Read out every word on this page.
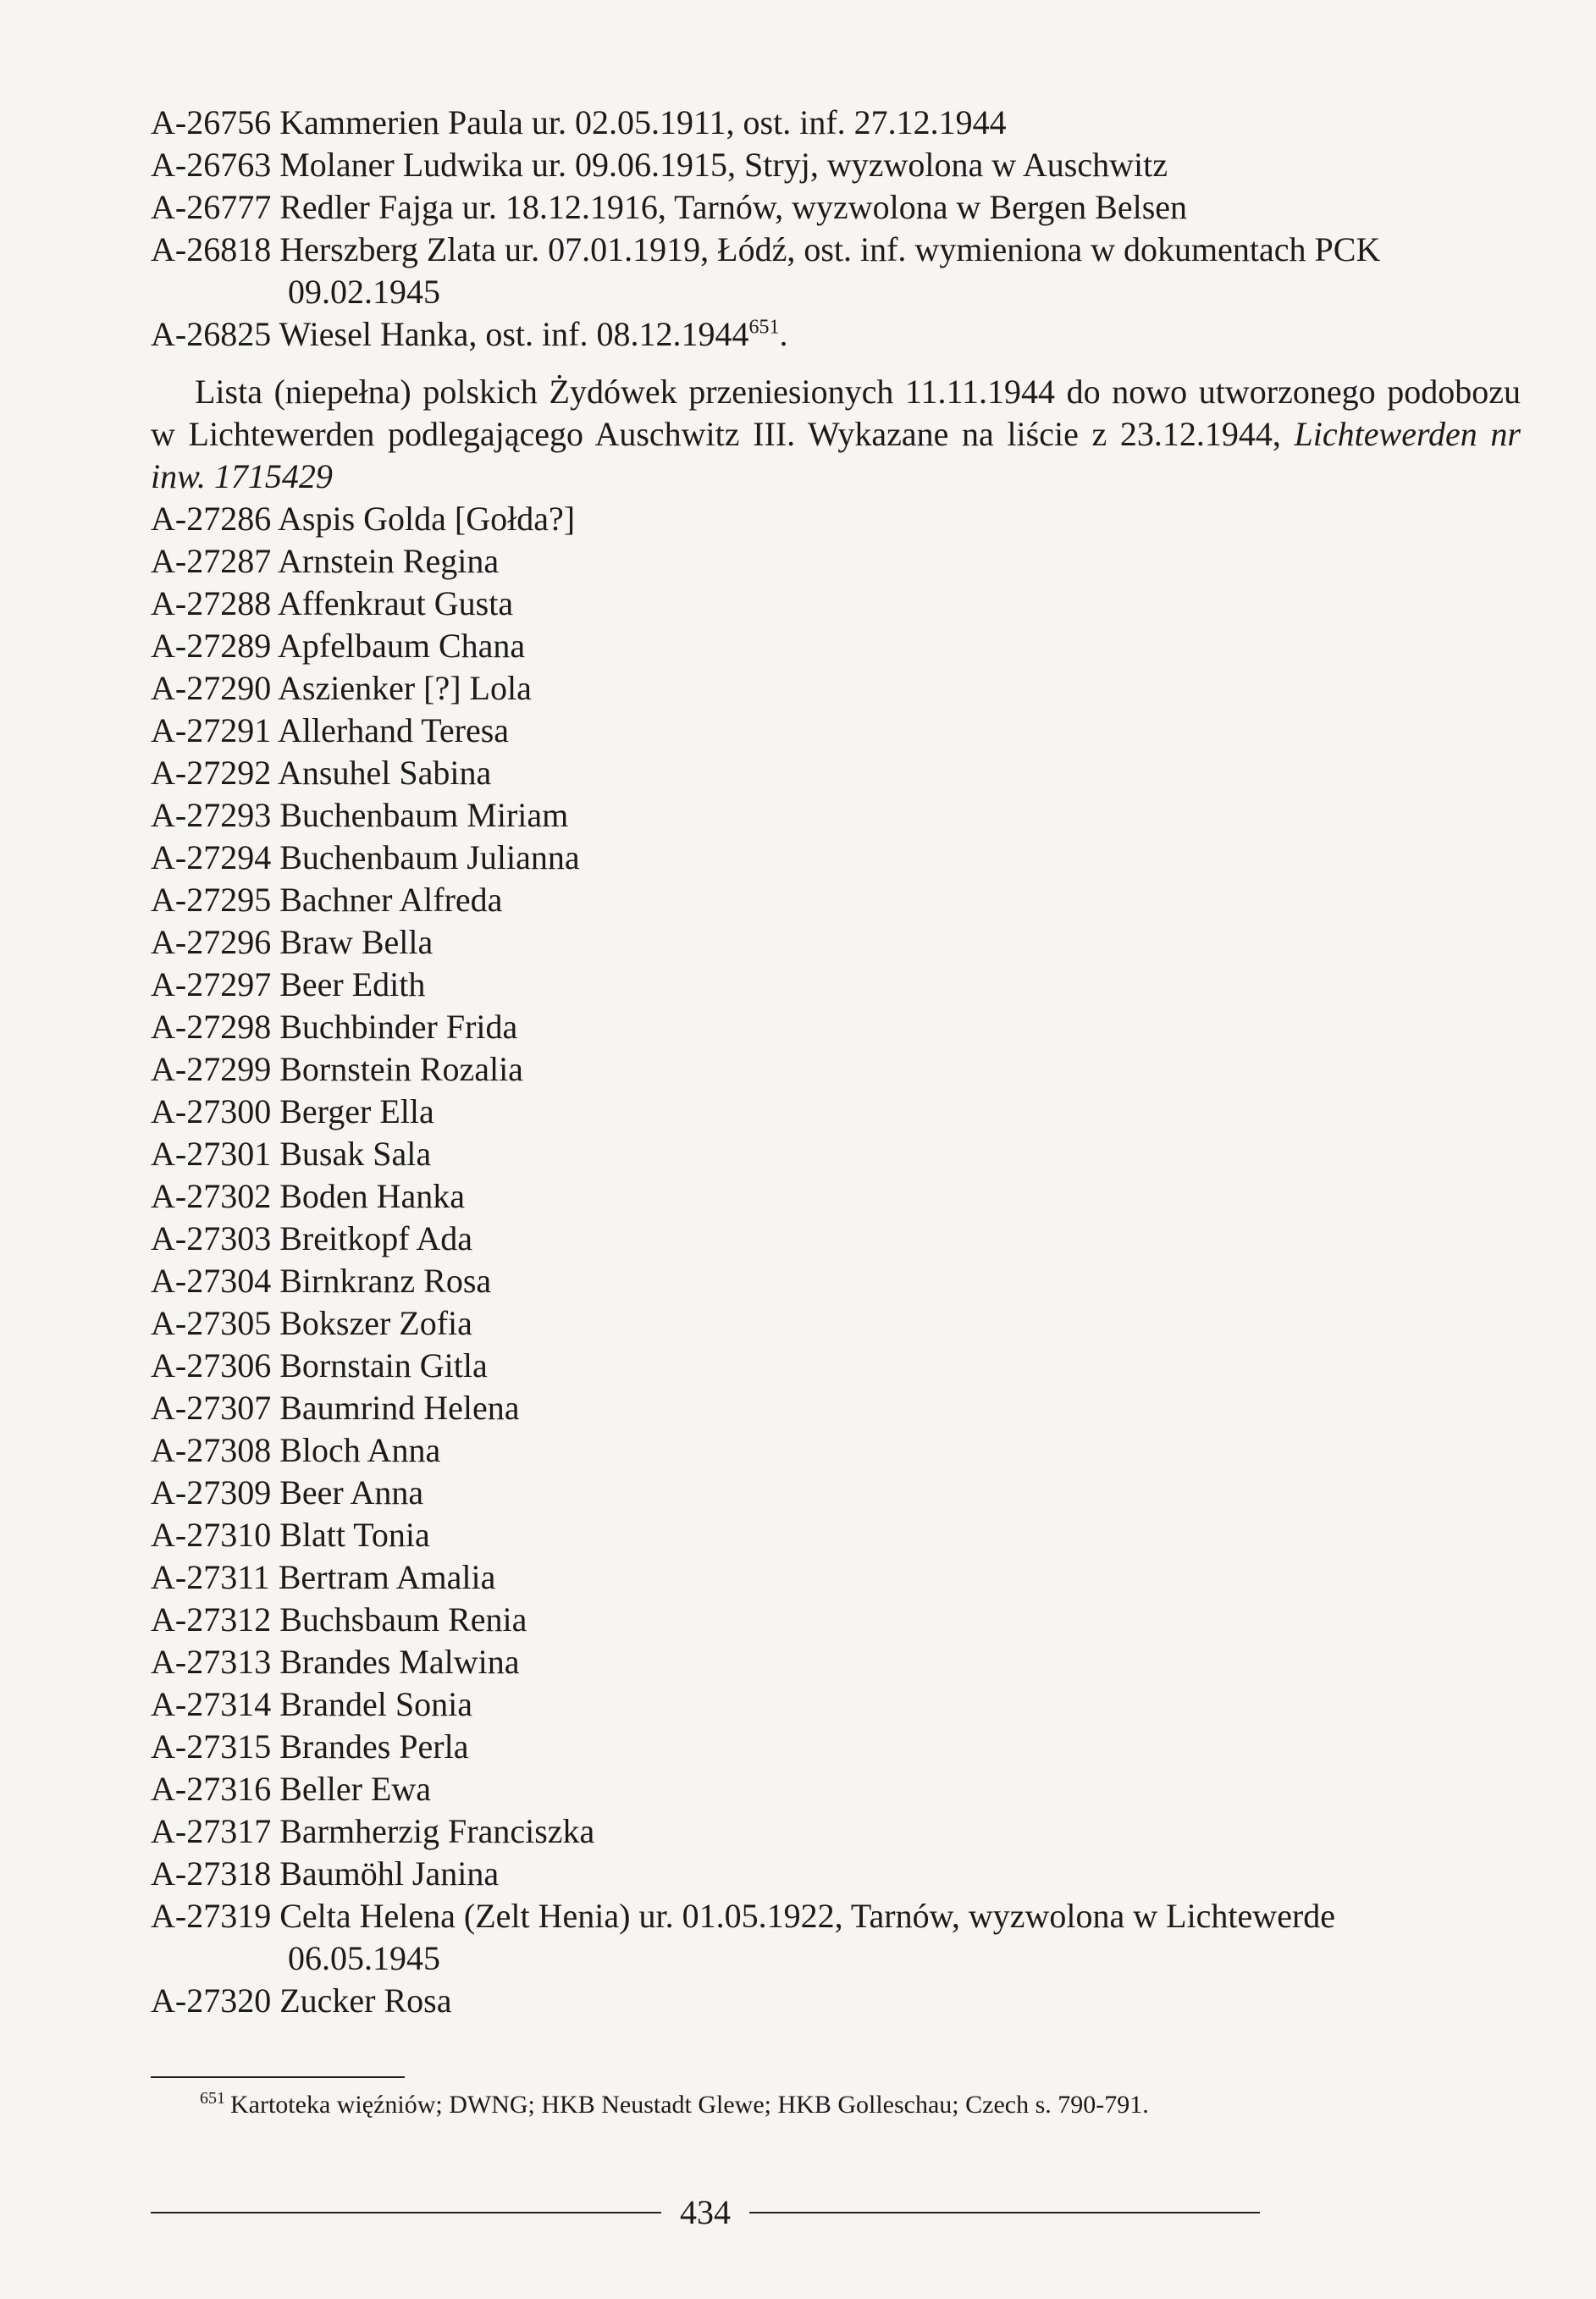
A-26756 Kammerien Paula ur. 02.05.1911, ost. inf. 27.12.1944

A-26763 Molaner Ludwika ur. 09.06.1915, Stryj, wyzwolona w Auschwitz

A-26777 Redler Fajga ur. 18.12.1916, Tarnów, wyzwolona w Bergen Belsen

A-26818 Herszberg Zlata ur. 07.01.1919, Łódź, ost. inf. wymieniona w dokumentach PCK
09.02.1945

A-26825 Wiesel Hanka, ost. inf. 08.12.1944$^{651}$.

Lista (niepełna) polskich Żydówek przeniesionych 11.11.1944 do nowo utworzonego podobozu w Lichtewerden podlegającego Auschwitz III. Wykazane na liście z 23.12.1944, Lichtewerden nr inw. 1715429

A-27286 Aspis Golda [Gołda?]

A-27287 Arnstein Regina

A-27288 Affenkraut Gusta

A-27289 Apfelbaum Chana

A-27290 Aszienker [?] Lola

A-27291 Allerhand Teresa

A-27292 Ansuhel Sabina

A-27293 Buchenbaum Miriam

A-27294 Buchenbaum Julianna

A-27295 Bachner Alfreda

A-27296 Braw Bella

A-27297 Beer Edith

A-27298 Buchbinder Frida

A-27299 Bornstein Rozalia

A-27300 Berger Ella

A-27301 Busak Sala

A-27302 Boden Hanka

A-27303 Breitkopf Ada

A-27304 Birnkranz Rosa

A-27305 Bokszer Zofia

A-27306 Bornstain Gitla

A-27307 Baumrind Helena

A-27308 Bloch Anna

A-27309 Beer Anna

A-27310 Blatt Tonia

A-27311 Bertram Amalia

A-27312 Buchsbaum Renia

A-27313 Brandes Malwina

A-27314 Brandel Sonia

A-27315 Brandes Perla

A-27316 Beller Ewa

A-27317 Barmherzig Franciszka

A-27318 Baumöhl Janina

A-27319 Celta Helena (Zelt Henia) ur. 01.05.1922, Tarnów, wyzwolona w Lichtewerde
06.05.1945

A-27320 Zucker Rosa

$^{651}$ Kartoteka więźniów; DWNG; HKB Neustadt Glewe; HKB Golleschau; Czech s. 790-791.
434
